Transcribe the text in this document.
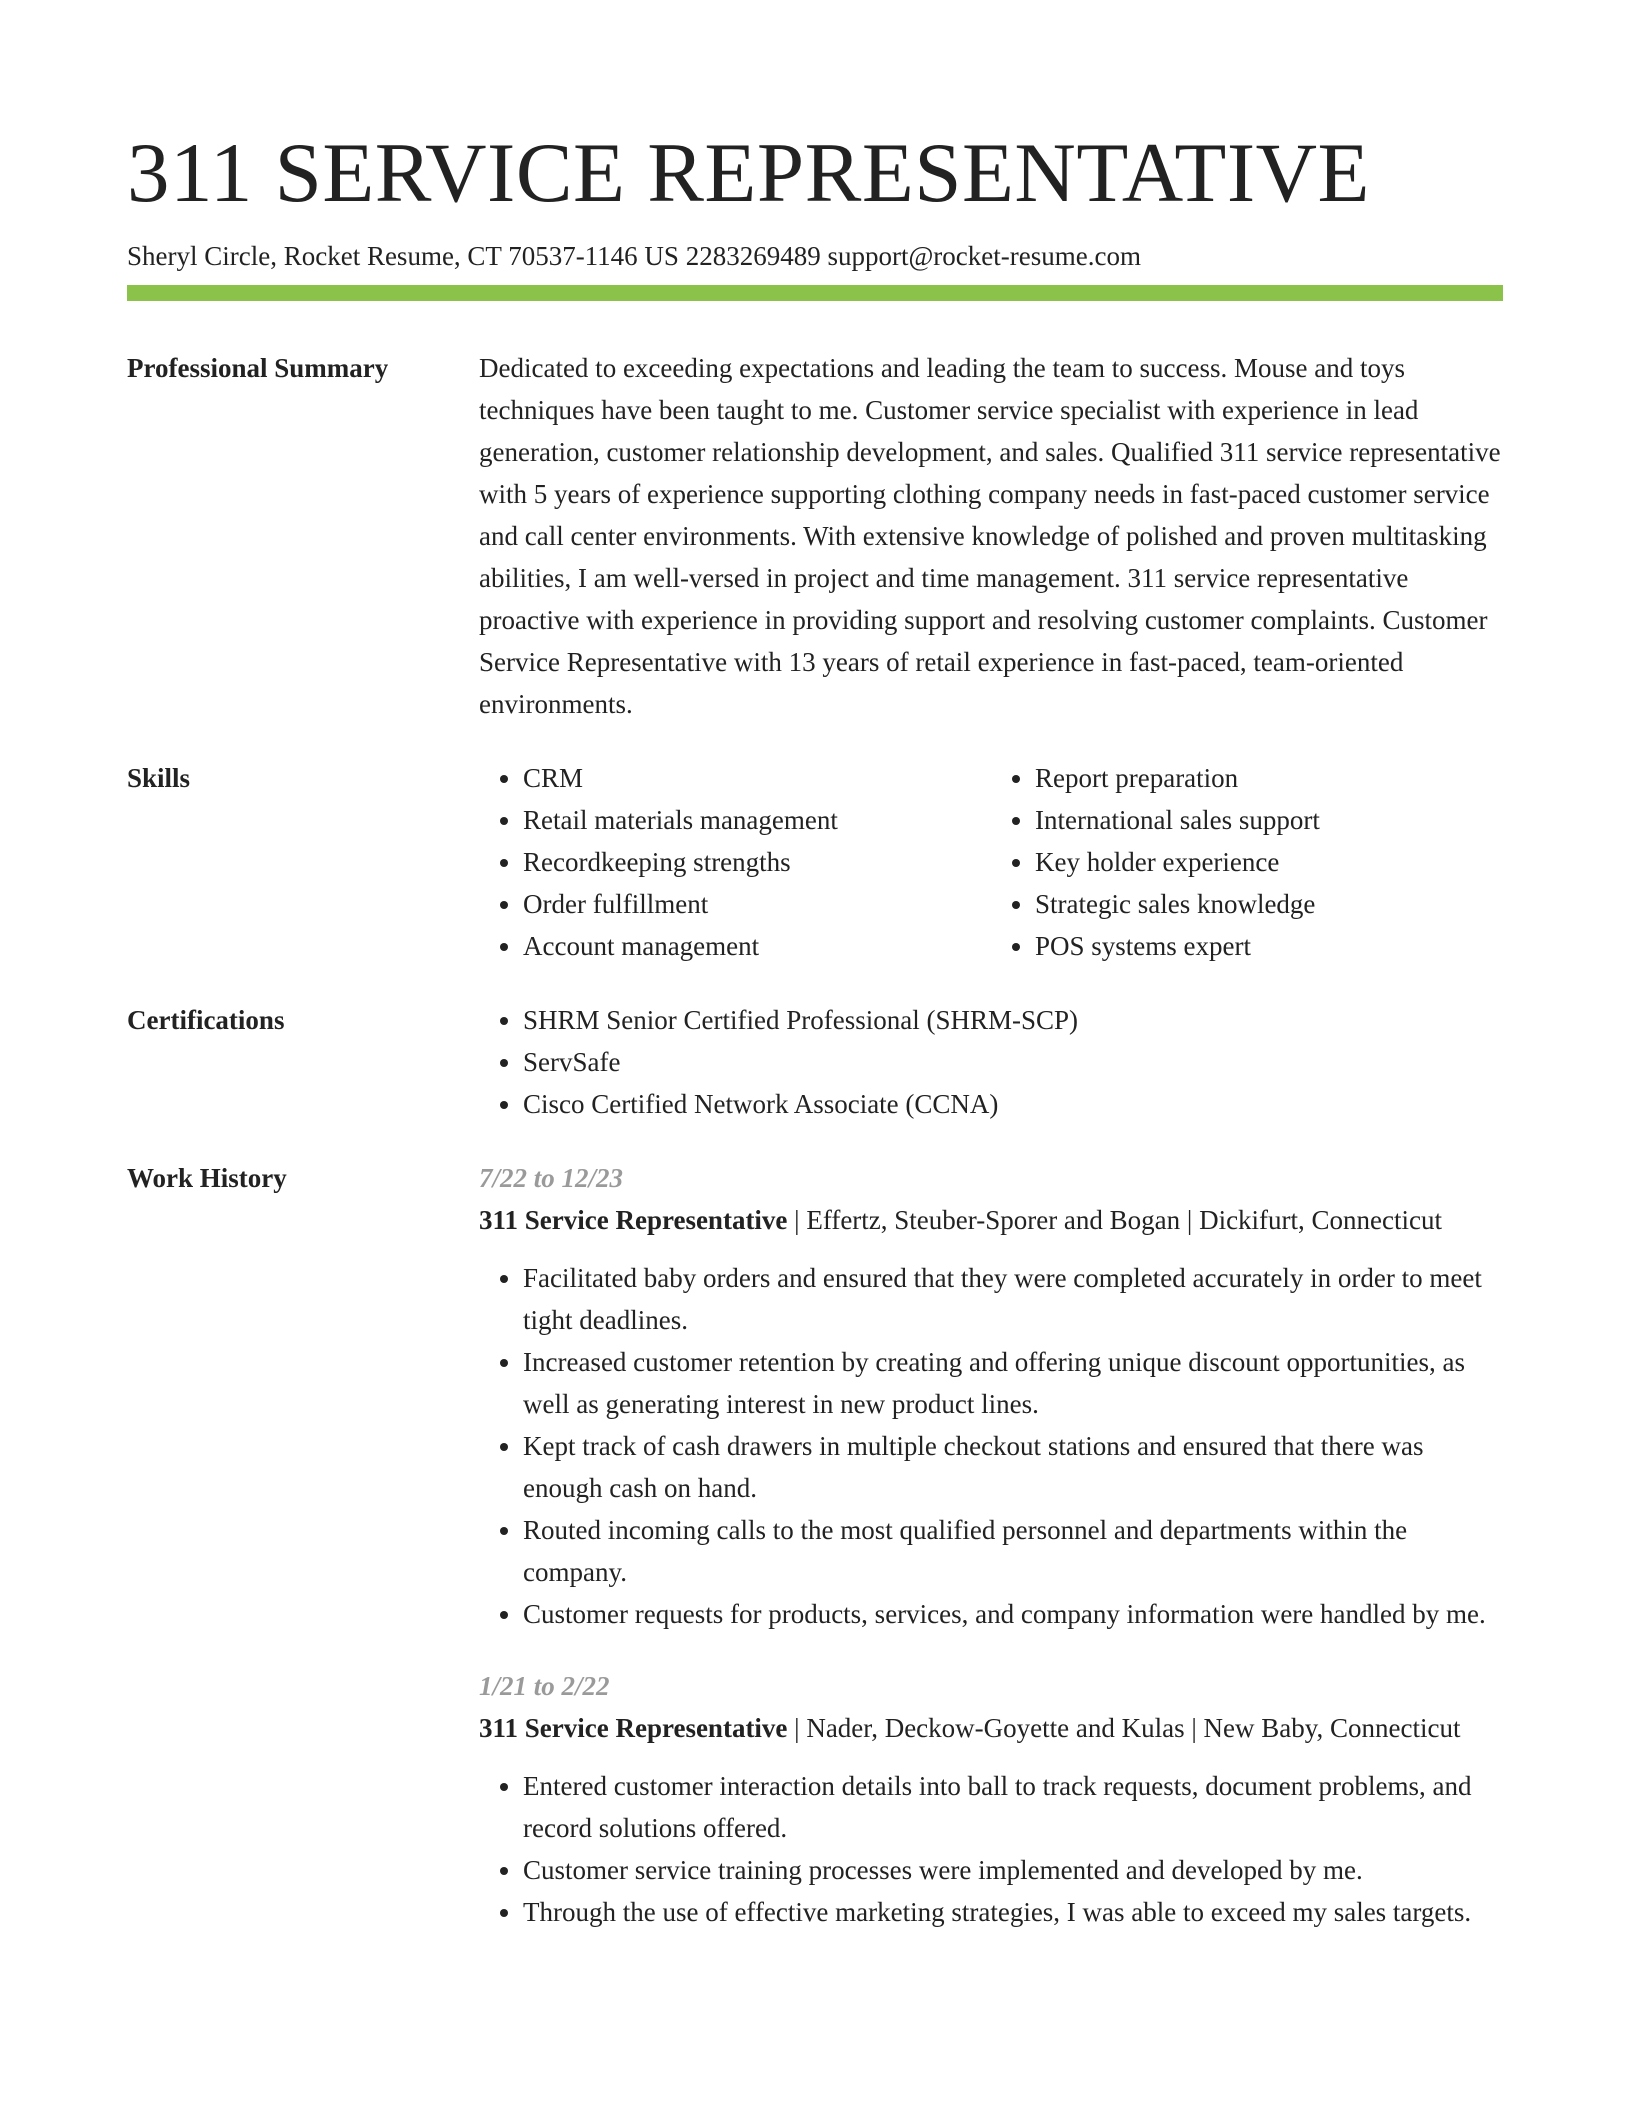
311 SERVICE REPRESENTATIVE
Sheryl Circle, Rocket Resume, CT 70537-1146 US 2283269489 support@rocket-resume.com
Professional Summary	Dedicated to exceeding expectations and leading the team to success. Mouse and toys techniques have been taught to me. Customer service specialist with experience in lead generation, customer relationship development, and sales. Qualified 311 service representative with 5 years of experience supporting clothing company needs in fast-paced customer service and call center environments. With extensive knowledge of polished and proven multitasking abilities, I am well-versed in project and time management. 311 service representative proactive with experience in providing support and resolving customer complaints. Customer Service Representative with 13 years of retail experience in fast-paced, team-oriented environments.

Skills	• CRM
• Retail materials management
• Recordkeeping strengths
• Order fulfillment
• Account management
• Report preparation
• International sales support
• Key holder experience
• Strategic sales knowledge
• POS systems expert
Certifications	• SHRM Senior Certified Professional (SHRM-SCP)
• ServSafe
• Cisco Certified Network Associate (CCNA)
Work History	7/22 to 12/23
311 Service Representative | Effertz, Steuber-Sporer and Bogan | Dickifurt, Connecticut
• Facilitated baby orders and ensured that they were completed accurately in order to meet tight deadlines.
• Increased customer retention by creating and offering unique discount opportunities, as well as generating interest in new product lines.
• Kept track of cash drawers in multiple checkout stations and ensured that there was enough cash on hand.
• Routed incoming calls to the most qualified personnel and departments within the company.
• Customer requests for products, services, and company information were handled by me.
1/21 to 2/22
311 Service Representative | Nader, Deckow-Goyette and Kulas | New Baby, Connecticut
• Entered customer interaction details into ball to track requests, document problems, and record solutions offered.
• Customer service training processes were implemented and developed by me.
• Through the use of effective marketing strategies, I was able to exceed my sales targets.
